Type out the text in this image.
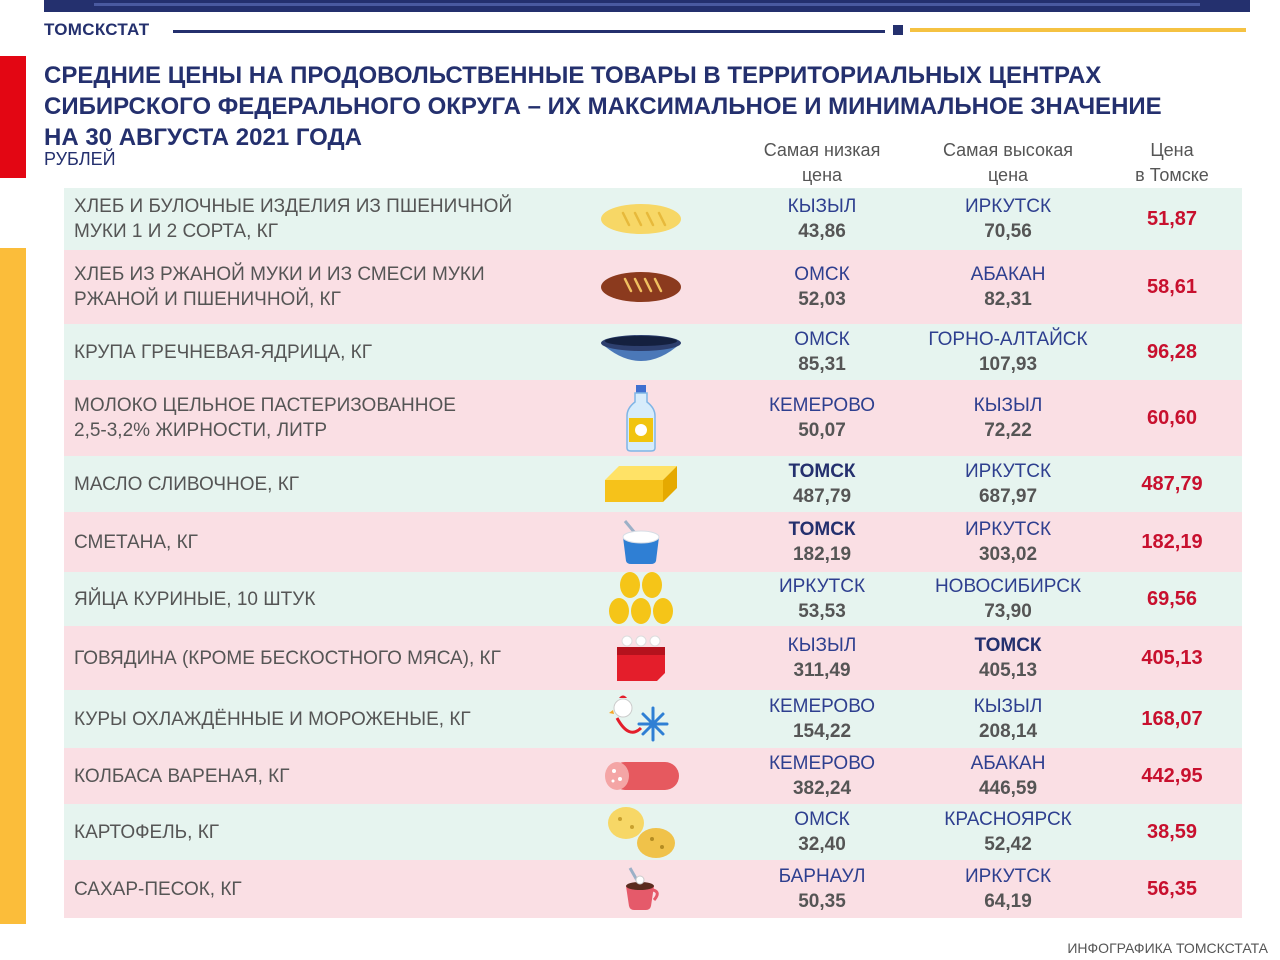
ТОМСКСТАТ
СРЕДНИЕ ЦЕНЫ НА ПРОДОВОЛЬСТВЕННЫЕ ТОВАРЫ В ТЕРРИТОРИАЛЬНЫХ ЦЕНТРАХ
СИБИРСКОГО ФЕДЕРАЛЬНОГО ОКРУГА – ИХ МАКСИМАЛЬНОЕ И МИНИМАЛЬНОЕ ЗНАЧЕНИЕ
НА 30 АВГУСТА 2021 ГОДА
РУБЛЕЙ	Самая низкая
цена
Самая высокая
цена
Цена
в Томске
ХЛЕБ И БУЛОЧНЫЕ ИЗДЕЛИЯ ИЗ ПШЕНИЧНОЙ
МУКИ 1 И 2 СОРТА, КГ
КЫЗЫЛ
43,86
ИРКУТСК
70,56
51,87
ХЛЕБ ИЗ РЖАНОЙ МУКИ И ИЗ СМЕСИ МУКИ
РЖАНОЙ И ПШЕНИЧНОЙ, КГ
ОМСК
52,03
АБАКАН
82,31
58,61
КРУПА ГРЕЧНЕВАЯ-ЯДРИЦА, КГ
ОМСК
85,31
ГОРНО-АЛТАЙСК
107,93
96,28
МОЛОКО ЦЕЛЬНОЕ ПАСТЕРИЗОВАННОЕ
2,5-3,2% ЖИРНОСТИ, ЛИТР
КЕМЕРОВО
50,07
КЫЗЫЛ
72,22
60,60
МАСЛО СЛИВОЧНОЕ, КГ
ТОМСК
487,79
ИРКУТСК
687,97
487,79
СМЕТАНА, КГ
ТОМСК
182,19
ИРКУТСК
303,02
182,19
ЯЙЦА КУРИНЫЕ, 10 ШТУК
ИРКУТСК
53,53
НОВОСИБИРСК
73,90
69,56
ГОВЯДИНА (КРОМЕ БЕСКОСТНОГО МЯСА), КГ
КЫЗЫЛ
311,49
ТОМСК
405,13
405,13
КУРЫ ОХЛАЖДЁННЫЕ И МОРОЖЕНЫЕ, КГ
КЕМЕРОВО
154,22
КЫЗЫЛ
208,14
168,07
КОЛБАСА ВАРЕНАЯ, КГ
КЕМЕРОВО
382,24
АБАКАН
446,59
442,95
КАРТОФЕЛЬ, КГ
ОМСК
32,40
КРАСНОЯРСК
52,42
38,59
САХАР-ПЕСОК, КГ
БАРНАУЛ
50,35
ИРКУТСК
64,19
56,35
ИНФОГРАФИКА ТОМСКСТАТА
